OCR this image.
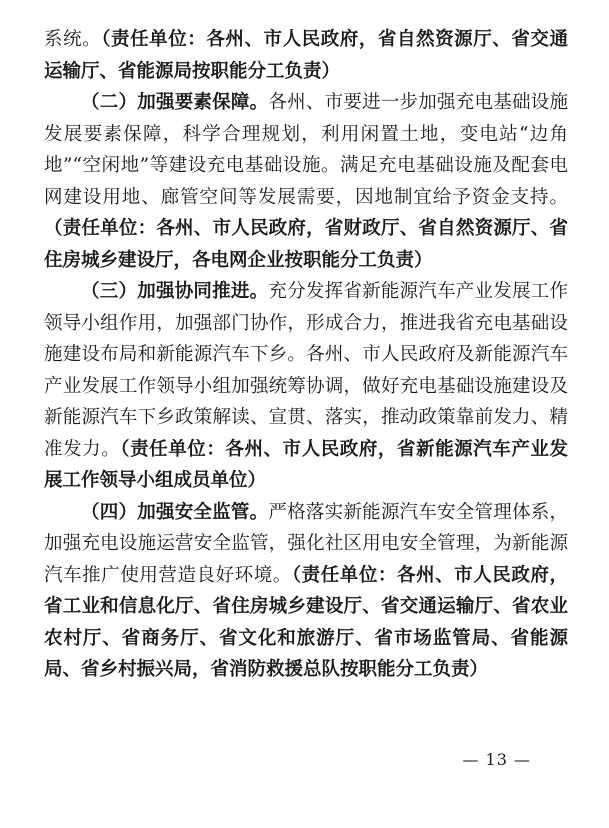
系统。（责任单位：各州、市人民政府，省自然资源厅、省交通运输厅、省能源局按职能分工负责）

（二）加强要素保障。各州、市要进一步加强充电基础设施发展要素保障，科学合理规划，利用闲置土地，变电站“边角地”“空闲地”等建设充电基础设施。满足充电基础设施及配套电网建设用地、廊管空间等发展需要，因地制宜给予资金支持。（责任单位：各州、市人民政府，省财政厅、省自然资源厅、省住房城乡建设厅，各电网企业按职能分工负责）

（三）加强协同推进。充分发挥省新能源汽车产业发展工作领导小组作用，加强部门协作，形成合力，推进我省充电基础设施建设布局和新能源汽车下乡。各州、市人民政府及新能源汽车产业发展工作领导小组加强统筹协调，做好充电基础设施建设及新能源汽车下乡政策解读、宣贯、落实，推动政策靠前发力、精准发力。（责任单位：各州、市人民政府，省新能源汽车产业发展工作领导小组成员单位）

（四）加强安全监管。严格落实新能源汽车安全管理体系，加强充电设施运营安全监管，强化社区用电安全管理，为新能源汽车推广使用营造良好环境。（责任单位：各州、市人民政府，省工业和信息化厅、省住房城乡建设厅、省交通运输厅、省农业农村厅、省商务厅、省文化和旅游厅、省市场监管局、省能源局、省乡村振兴局，省消防救援总队按职能分工负责）

— 13 —
